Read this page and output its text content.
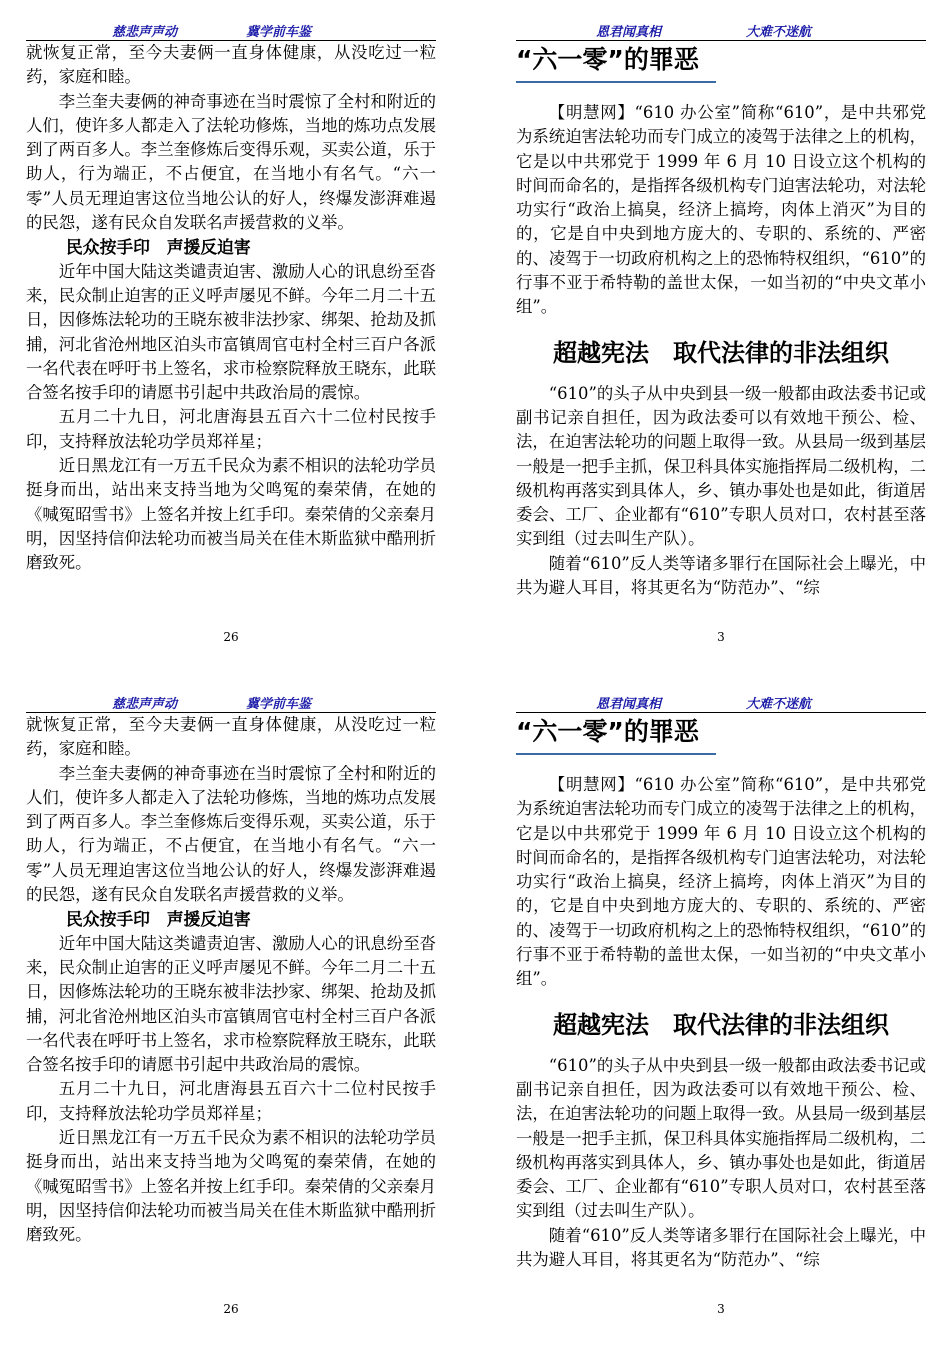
慈悲声声动	冀学前车鉴

就恢复正常，至今夫妻俩一直身体健康，从没吃过一粒药，家庭和睦。

李兰奎夫妻俩的神奇事迹在当时震惊了全村和附近的人们，使许多人都走入了法轮功修炼，当地的炼功点发展到了两百多人。李兰奎修炼后变得乐观，买卖公道，乐于助人，行为端正，不占便宜，在当地小有名气。“六一零”人员无理迫害这位当地公认的好人，终爆发澎湃难遏的民怨，遂有民众自发联名声援营救的义举。

民众按手印　声援反迫害

近年中国大陆这类谴责迫害、激励人心的讯息纷至沓来，民众制止迫害的正义呼声屡见不鲜。今年二月二十五日，因修炼法轮功的王晓东被非法抄家、绑架、抢劫及抓捕，河北省沧州地区泊头市富镇周官屯村全村三百户各派一名代表在呼吁书上签名，求市检察院释放王晓东，此联合签名按手印的请愿书引起中共政治局的震惊。

五月二十九日，河北唐海县五百六十二位村民按手印，支持释放法轮功学员郑祥星；

近日黑龙江有一万五千民众为素不相识的法轮功学员挺身而出，站出来支持当地为父鸣冤的秦荣倩，在她的《喊冤昭雪书》上签名并按上红手印。秦荣倩的父亲秦月明，因坚持信仰法轮功而被当局关在佳木斯监狱中酷刑折磨致死。

26
恩君闻真相	大难不迷航
“六一零”的罪恶

【明慧网】“610 办公室”简称“610”，是中共邪党为系统迫害法轮功而专门成立的凌驾于法律之上的机构，它是以中共邪党于 1999 年 6 月 10 日设立这个机构的时间而命名的，是指挥各级机构专门迫害法轮功，对法轮功实行“政治上搞臭，经济上搞垮，肉体上消灭”为目的的，它是自中央到地方庞大的、专职的、系统的、严密的、凌驾于一切政府机构之上的恐怖特权组织，“610”的行事不亚于希特勒的盖世太保，一如当初的“中央文革小组”。

超越宪法　取代法律的非法组织

“610”的头子从中央到县一级一般都由政法委书记或副书记亲自担任，因为政法委可以有效地干预公、检、法，在迫害法轮功的问题上取得一致。从县局一级到基层一般是一把手主抓，保卫科具体实施指挥局二级机构，二级机构再落实到具体人，乡、镇办事处也是如此，街道居委会、工厂、企业都有“610”专职人员对口，农村甚至落实到组（过去叫生产队）。

随着“610”反人类等诸多罪行在国际社会上曝光，中共为避人耳目，将其更名为“防范办”、“综

3
慈悲声声动	冀学前车鉴

就恢复正常，至今夫妻俩一直身体健康，从没吃过一粒药，家庭和睦。

李兰奎夫妻俩的神奇事迹在当时震惊了全村和附近的人们，使许多人都走入了法轮功修炼，当地的炼功点发展到了两百多人。李兰奎修炼后变得乐观，买卖公道，乐于助人，行为端正，不占便宜，在当地小有名气。“六一零”人员无理迫害这位当地公认的好人，终爆发澎湃难遏的民怨，遂有民众自发联名声援营救的义举。

民众按手印　声援反迫害

近年中国大陆这类谴责迫害、激励人心的讯息纷至沓来，民众制止迫害的正义呼声屡见不鲜。今年二月二十五日，因修炼法轮功的王晓东被非法抄家、绑架、抢劫及抓捕，河北省沧州地区泊头市富镇周官屯村全村三百户各派一名代表在呼吁书上签名，求市检察院释放王晓东，此联合签名按手印的请愿书引起中共政治局的震惊。

五月二十九日，河北唐海县五百六十二位村民按手印，支持释放法轮功学员郑祥星；

近日黑龙江有一万五千民众为素不相识的法轮功学员挺身而出，站出来支持当地为父鸣冤的秦荣倩，在她的《喊冤昭雪书》上签名并按上红手印。秦荣倩的父亲秦月明，因坚持信仰法轮功而被当局关在佳木斯监狱中酷刑折磨致死。

26
恩君闻真相	大难不迷航
“六一零”的罪恶

【明慧网】“610 办公室”简称“610”，是中共邪党为系统迫害法轮功而专门成立的凌驾于法律之上的机构，它是以中共邪党于 1999 年 6 月 10 日设立这个机构的时间而命名的，是指挥各级机构专门迫害法轮功，对法轮功实行“政治上搞臭，经济上搞垮，肉体上消灭”为目的的，它是自中央到地方庞大的、专职的、系统的、严密的、凌驾于一切政府机构之上的恐怖特权组织，“610”的行事不亚于希特勒的盖世太保，一如当初的“中央文革小组”。

超越宪法　取代法律的非法组织

“610”的头子从中央到县一级一般都由政法委书记或副书记亲自担任，因为政法委可以有效地干预公、检、法，在迫害法轮功的问题上取得一致。从县局一级到基层一般是一把手主抓，保卫科具体实施指挥局二级机构，二级机构再落实到具体人，乡、镇办事处也是如此，街道居委会、工厂、企业都有“610”专职人员对口，农村甚至落实到组（过去叫生产队）。

随着“610”反人类等诸多罪行在国际社会上曝光，中共为避人耳目，将其更名为“防范办”、“综

3
